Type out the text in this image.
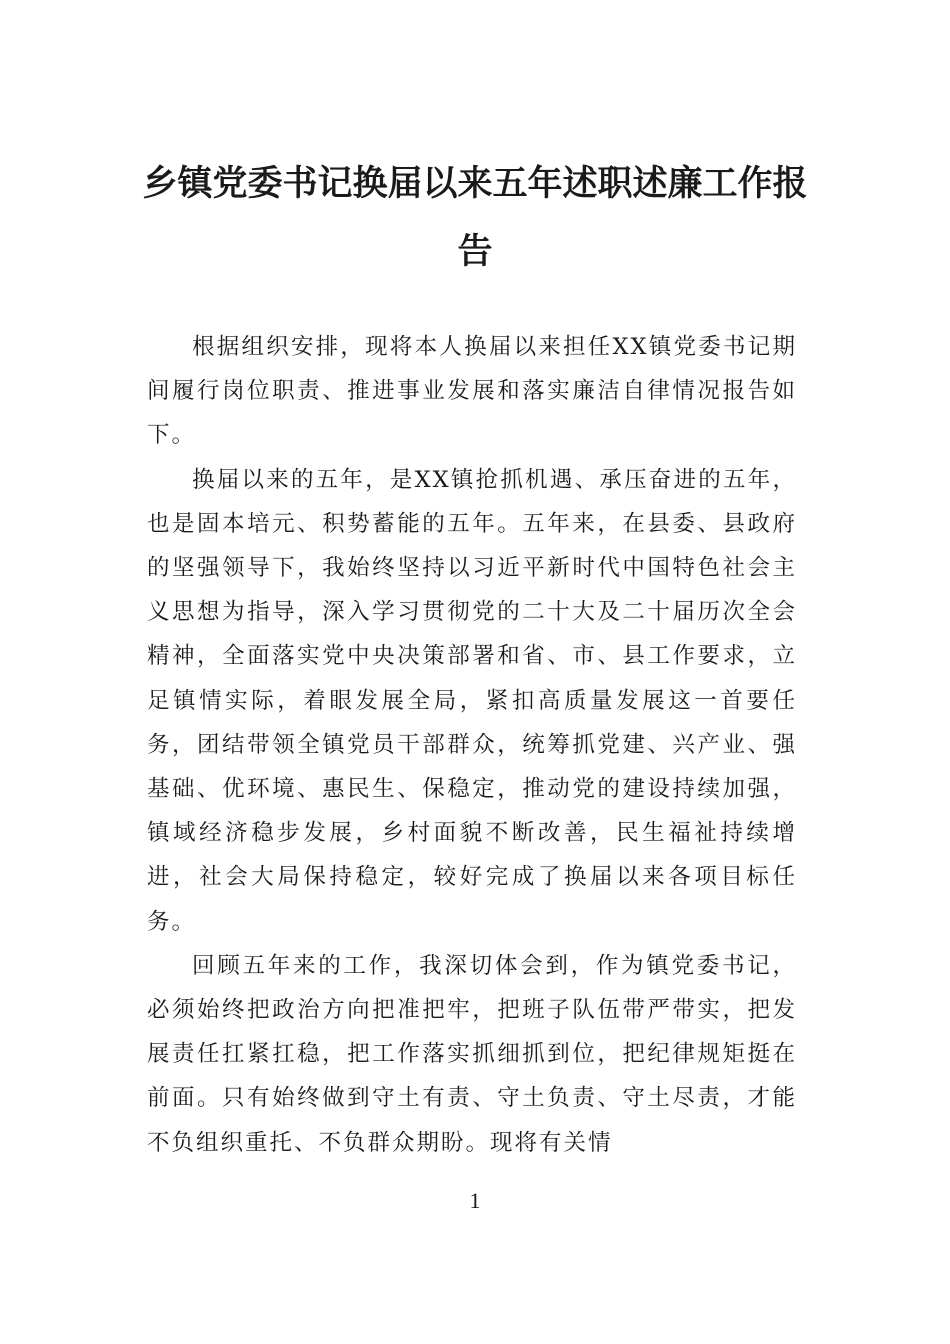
乡镇党委书记换届以来五年述职述廉工作报告

根据组织安排，现将本人换届以来担任XX镇党委书记期间履行岗位职责、推进事业发展和落实廉洁自律情况报告如下。

换届以来的五年，是XX镇抢抓机遇、承压奋进的五年，也是固本培元、积势蓄能的五年。五年来，在县委、县政府的坚强领导下，我始终坚持以习近平新时代中国特色社会主义思想为指导，深入学习贯彻党的二十大及二十届历次全会精神，全面落实党中央决策部署和省、市、县工作要求，立足镇情实际，着眼发展全局，紧扣高质量发展这一首要任务，团结带领全镇党员干部群众，统筹抓党建、兴产业、强基础、优环境、惠民生、保稳定，推动党的建设持续加强，镇域经济稳步发展，乡村面貌不断改善，民生福祉持续增进，社会大局保持稳定，较好完成了换届以来各项目标任务。

回顾五年来的工作，我深切体会到，作为镇党委书记，必须始终把政治方向把准把牢，把班子队伍带严带实，把发展责任扛紧扛稳，把工作落实抓细抓到位，把纪律规矩挺在前面。只有始终做到守土有责、守土负责、守土尽责，才能不负组织重托、不负群众期盼。现将有关情

1
